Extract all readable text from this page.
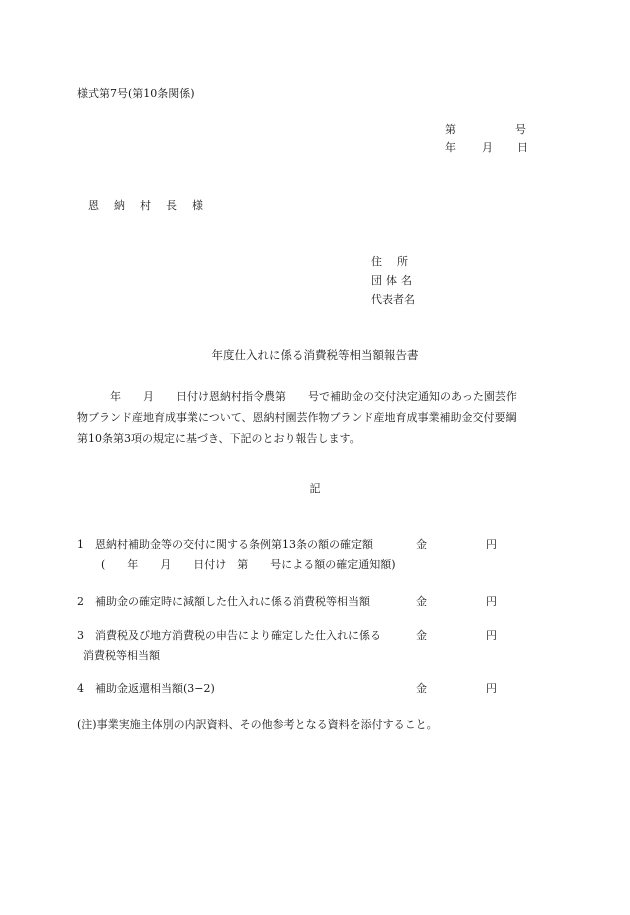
様式第7号(第10条関係)
第	号
年 月 日
恩 納 村 長 様
住所
団体名
代表者名
年度仕入れに係る消費税等相当額報告書
　　　年　　月　　日付け恩納村指令農第　　号で補助金の交付決定通知のあった園芸作
物ブランド産地育成事業について、恩納村園芸作物ブランド産地育成事業補助金交付要綱
第10条第3項の規定に基づき、下記のとおり報告します。
記
1　恩納村補助金等の交付に関する条例第13条の額の確定額
(　　年　　月　　日付け　第　　号による額の確定通知額)
金	円
2　補助金の確定時に減額した仕入れに係る消費税等相当額	金	円
3　消費税及び地方消費税の申告により確定した仕入れに係る
消費税等相当額
金	円
4　補助金返還相当額(3−2)	金	円
(注)事業実施主体別の内訳資料、その他参考となる資料を添付すること。
